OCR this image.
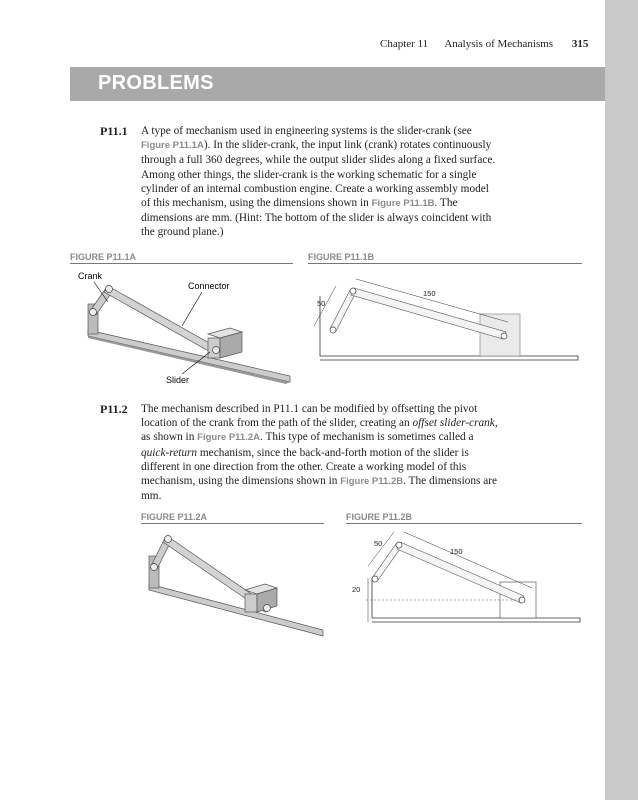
Chapter 11 Analysis of Mechanisms 315
PROBLEMS
P11.1 A type of mechanism used in engineering systems is the slider-crank (see Figure P11.1A). In the slider-crank, the input link (crank) rotates continuously through a full 360 degrees, while the output slider slides along a fixed surface. Among other things, the slider-crank is the working schematic for a single cylinder of an internal combustion engine. Create a working assembly model of this mechanism, using the dimensions shown in Figure P11.1B. The dimensions are mm. (Hint: The bottom of the slider is always coincident with the ground plane.)
FIGURE P11.1A
Crank
Connector
Slider
FIGURE P11.1B
150
50
P11.2 The mechanism described in P11.1 can be modified by offsetting the pivot location of the crank from the path of the slider, creating an offset slider-crank, as shown in Figure P11.2A. This type of mechanism is sometimes called a quick-return mechanism, since the back-and-forth motion of the slider is different in one direction from the other. Create a working model of this mechanism, using the dimensions shown in Figure P11.2B. The dimensions are mm.
FIGURE P11.2A	FIGURE P11.2B
50
150
20
